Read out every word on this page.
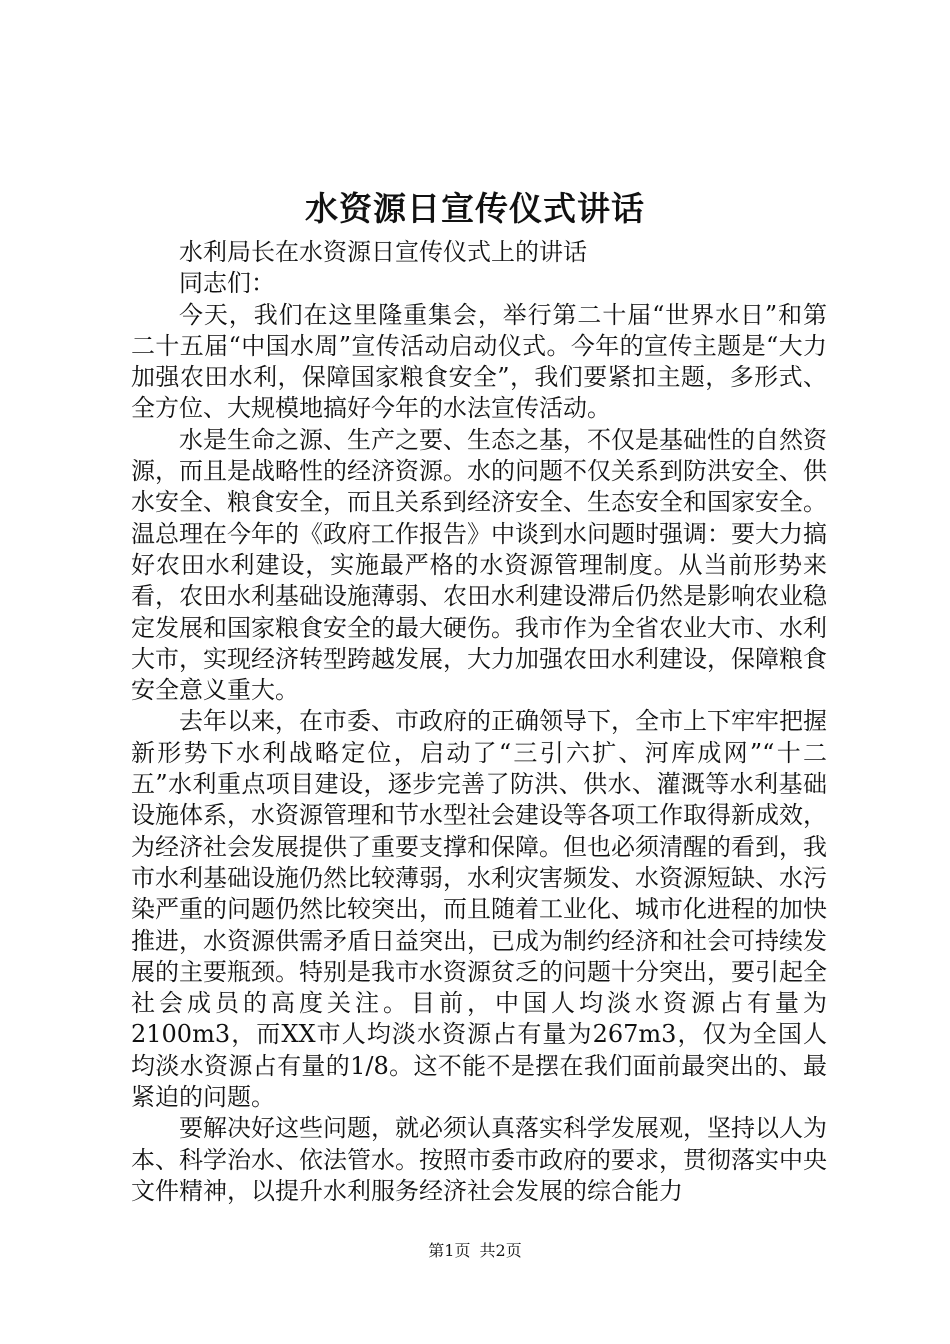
水资源日宣传仪式讲话

水利局长在水资源日宣传仪式上的讲话

同志们：

今天，我们在这里隆重集会，举行第二十届“世界水日”和第二十五届“中国水周”宣传活动启动仪式。今年的宣传主题是“大力加强农田水利，保障国家粮食安全”，我们要紧扣主题，多形式、全方位、大规模地搞好今年的水法宣传活动。

水是生命之源、生产之要、生态之基，不仅是基础性的自然资源，而且是战略性的经济资源。水的问题不仅关系到防洪安全、供水安全、粮食安全，而且关系到经济安全、生态安全和国家安全。温总理在今年的《政府工作报告》中谈到水问题时强调：要大力搞好农田水利建设，实施最严格的水资源管理制度。从当前形势来看，农田水利基础设施薄弱、农田水利建设滞后仍然是影响农业稳定发展和国家粮食安全的最大硬伤。我市作为全省农业大市、水利大市，实现经济转型跨越发展，大力加强农田水利建设，保障粮食安全意义重大。

去年以来，在市委、市政府的正确领导下，全市上下牢牢把握新形势下水利战略定位，启动了“三引六扩、河库成网”“十二五”水利重点项目建设，逐步完善了防洪、供水、灌溉等水利基础设施体系，水资源管理和节水型社会建设等各项工作取得新成效，为经济社会发展提供了重要支撑和保障。但也必须清醒的看到，我市水利基础设施仍然比较薄弱，水利灾害频发、水资源短缺、水污染严重的问题仍然比较突出，而且随着工业化、城市化进程的加快推进，水资源供需矛盾日益突出，已成为制约经济和社会可持续发展的主要瓶颈。特别是我市水资源贫乏的问题十分突出，要引起全社会成员的高度关注。目前，中国人均淡水资源占有量为2100m3，而XX市人均淡水资源占有量为267m3，仅为全国人均淡水资源占有量的1/8。这不能不是摆在我们面前最突出的、最紧迫的问题。

要解决好这些问题，就必须认真落实科学发展观，坚持以人为本、科学治水、依法管水。按照市委市政府的要求，贯彻落实中央文件精神，以提升水利服务经济社会发展的综合能力

第1页 共2页
